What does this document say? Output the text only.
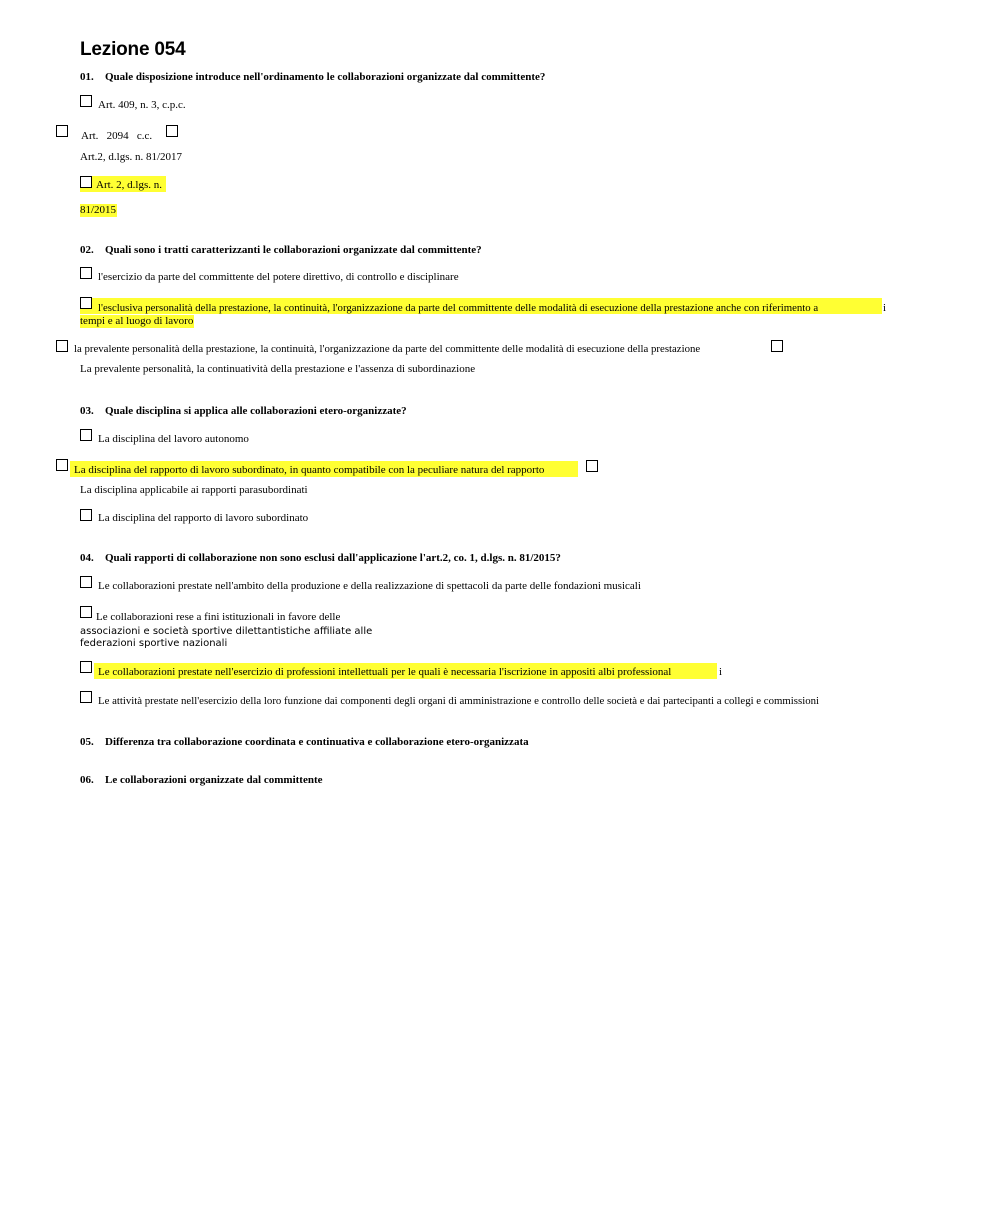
Lezione 054
01. Quale disposizione introduce nell'ordinamento le collaborazioni organizzate dal committente?
Art. 409, n. 3, c.p.c.
Art.   2094   c.c.
Art.2, d.lgs. n. 81/2017
Art. 2, d.lgs. n.
81/2015
02. Quali sono i tratti caratterizzanti le collaborazioni organizzate dal committente?
l'esercizio da parte del committente del potere direttivo, di controllo e disciplinare
l'esclusiva personalità della prestazione, la continuità, l'organizzazione da parte del committente delle modalità di esecuzione della prestazione anche con riferimento a	i
tempi e al luogo di lavoro
la prevalente personalità della prestazione, la continuità, l'organizzazione da parte del committente delle modalità di esecuzione della prestazione
La prevalente personalità, la continuatività della prestazione e l'assenza di subordinazione
03. Quale disciplina si applica alle collaborazioni etero-organizzate?
La disciplina del lavoro autonomo
La disciplina del rapporto di lavoro subordinato, in quanto compatibile con la peculiare natura del rapporto
La disciplina applicabile ai rapporti parasubordinati
La disciplina del rapporto di lavoro subordinato
04. Quali rapporti di collaborazione non sono esclusi dall'applicazione l'art.2, co. 1, d.lgs. n. 81/2015?
Le collaborazioni prestate nell'ambito della produzione e della realizzazione di spettacoli da parte delle fondazioni musicali
Le collaborazioni rese a fini istituzionali in favore delle
associazioni e società sportive dilettantistiche affiliate alle
federazioni sportive nazionali
Le collaborazioni prestate nell'esercizio di professioni intellettuali per le quali è necessaria l'iscrizione in appositi albi professional	i
Le attività prestate nell'esercizio della loro funzione dai componenti degli organi di amministrazione e controllo delle società e dai partecipanti a collegi e commissioni
05. Differenza tra collaborazione coordinata e continuativa e collaborazione etero-organizzata
06. Le collaborazioni organizzate dal committente
